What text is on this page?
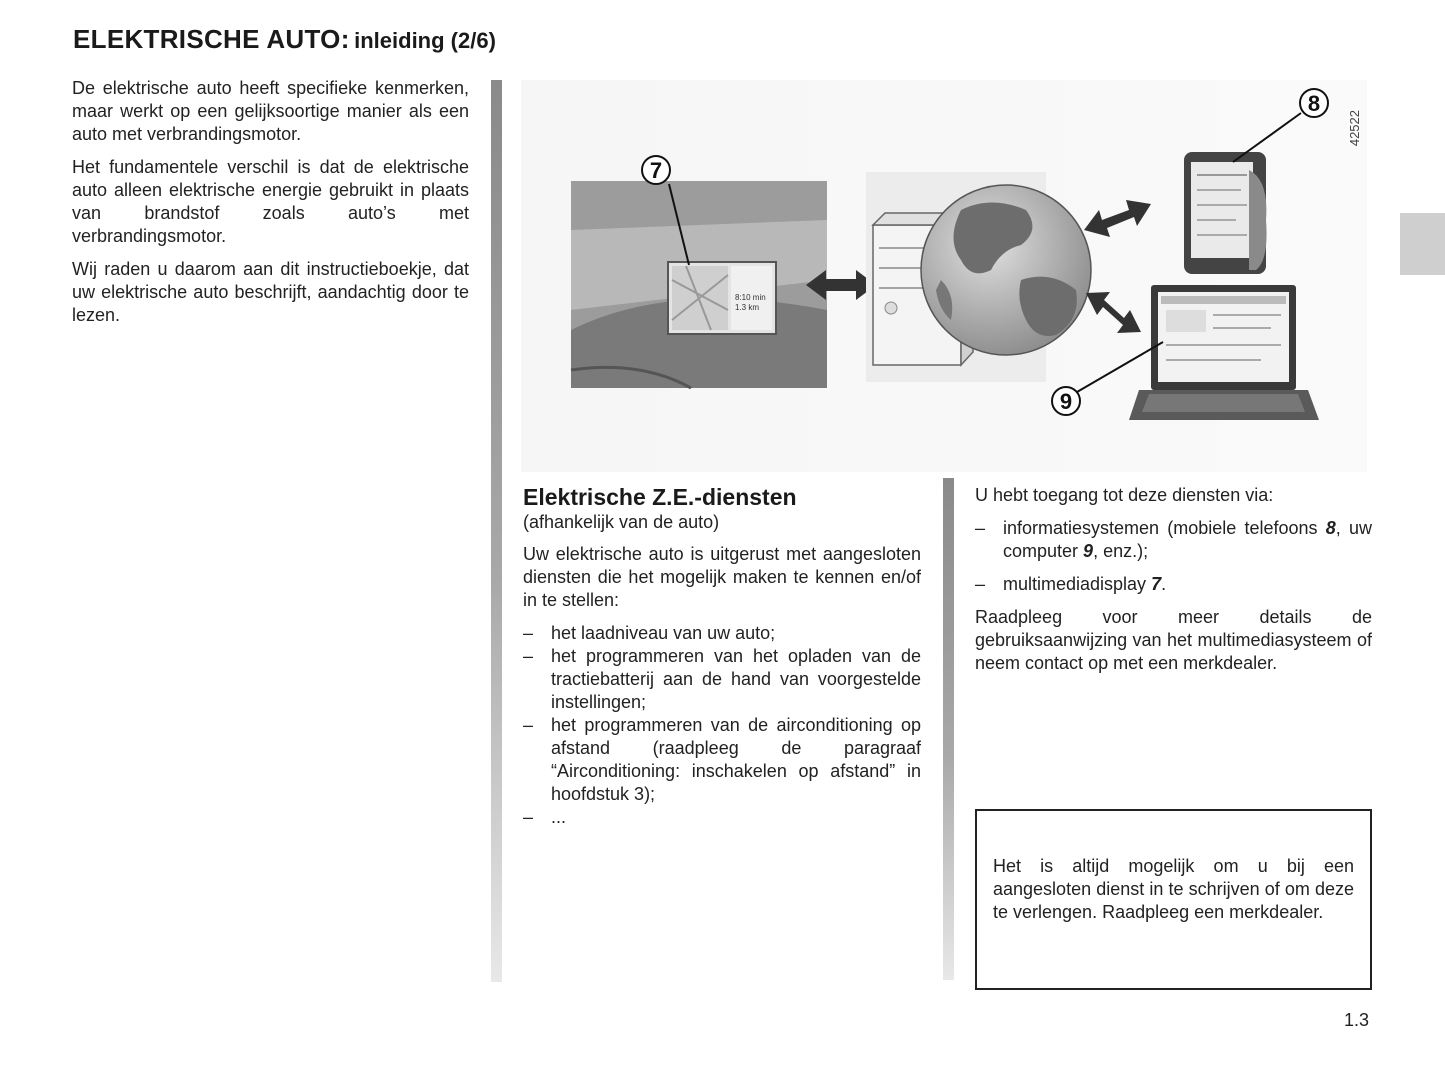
ELEKTRISCHE AUTO: inleiding (2/6)

De elektrische auto heeft specifieke kenmerken, maar werkt op een gelijksoortige manier als een auto met verbrandingsmotor.

Het fundamentele verschil is dat de elektrische auto alleen elektrische energie gebruikt in plaats van brandstof zoals auto’s met verbrandingsmotor.

Wij raden u daarom aan dit instructieboekje, dat uw elektrische auto beschrijft, aandachtig door te lezen.

8:10 min
1.3 km
7
8
9
42522
Elektrische Z.E.-diensten
(afhankelijk van de auto)

Uw elektrische auto is uitgerust met aangesloten diensten die het mogelijk maken te kennen en/of in te stellen:

– het laadniveau van uw auto;
– het programmeren van het opladen van de tractiebatterij aan de hand van voorgestelde instellingen;
– het programmeren van de airconditioning op afstand (raadpleeg de paragraaf “Airconditioning: inschakelen op afstand” in hoofdstuk 3);
– ...

U hebt toegang tot deze diensten via:

– informatiesystemen (mobiele telefoons 8, uw computer 9, enz.);
– multimediadisplay 7.

Raadpleeg voor meer details de gebruiksaanwijzing van het multimediasysteem of neem contact op met een merkdealer.

Het is altijd mogelijk om u bij een aangesloten dienst in te schrijven of om deze te verlengen. Raadpleeg een merkdealer.
1.3
